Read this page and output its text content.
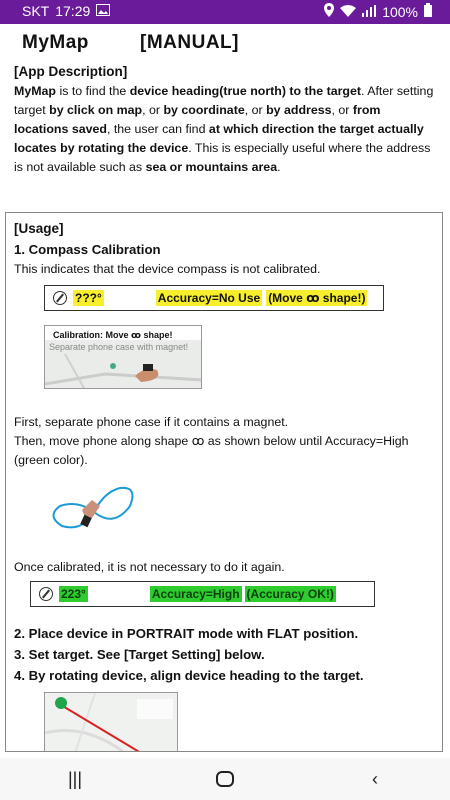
SKT 17:29	100%
MyMap	[MANUAL]
[App Description]

MyMap is to find the device heading(true north) to the target. After setting target by click on map, or by coordinate, or by address, or from locations saved, the user can find at which direction the target actually locates by rotating the device. This is especially useful where the address is not available such as sea or mountains area.

[Usage]
1. Compass Calibration
This indicates that the device compass is not calibrated.
???°	Accuracy=No Use (Move ꝏ shape!)
Calibration: Move ꝏ shape!
Separate phone case with magnet!
First, separate phone case if it contains a magnet.
Then, move phone along shape ꝏ as shown below until Accuracy=High (green color).
Once calibrated, it is not necessary to do it again.
223°	Accuracy=High (Accuracy OK!)
2. Place device in PORTRAIT mode with FLAT position.
3. Set target. See [Target Setting] below.
4. By rotating device, align device heading to the target.
|||	‹
